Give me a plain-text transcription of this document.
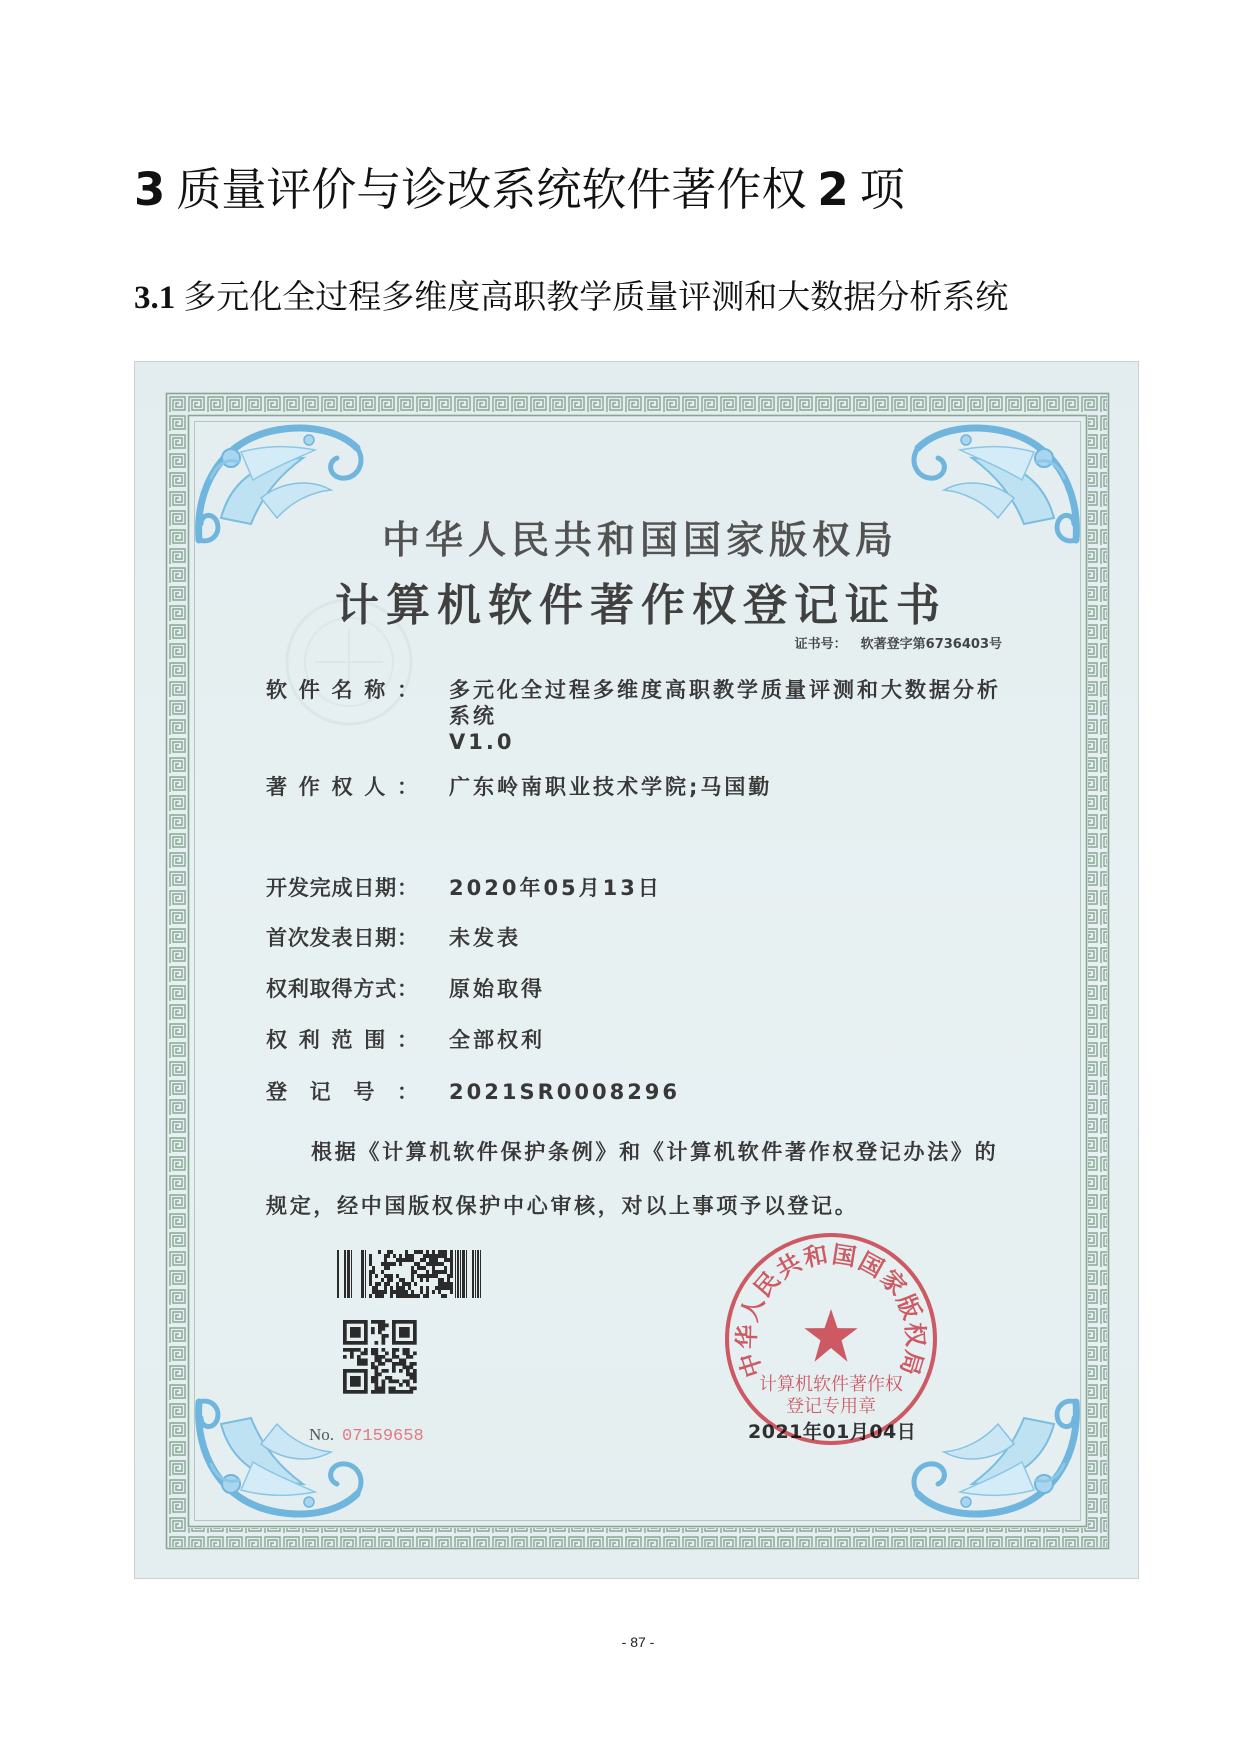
3 质量评价与诊改系统软件著作权 2 项
3.1 多元化全过程多维度高职教学质量评测和大数据分析系统
中华人民共和国国家版权局
计算机软件著作权登记证书
证书号： 软著登字第6736403号
软件名称： 多元化全过程多维度高职教学质量评测和大数据分析
系统
V1.0
著作权人： 广东岭南职业技术学院;马国勤
开发完成日期： 2020年05月13日
首次发表日期： 未发表
权利取得方式： 原始取得
权利范围： 全部权利
登记号： 2021SR0008296
根据《计算机软件保护条例》和《计算机软件著作权登记办法》的
规定，经中国版权保护中心审核，对以上事项予以登记。
No. 07159658	2021年01月04日
中华人民共和国国家版权局
计算机软件著作权
登记专用章
- 87 -
